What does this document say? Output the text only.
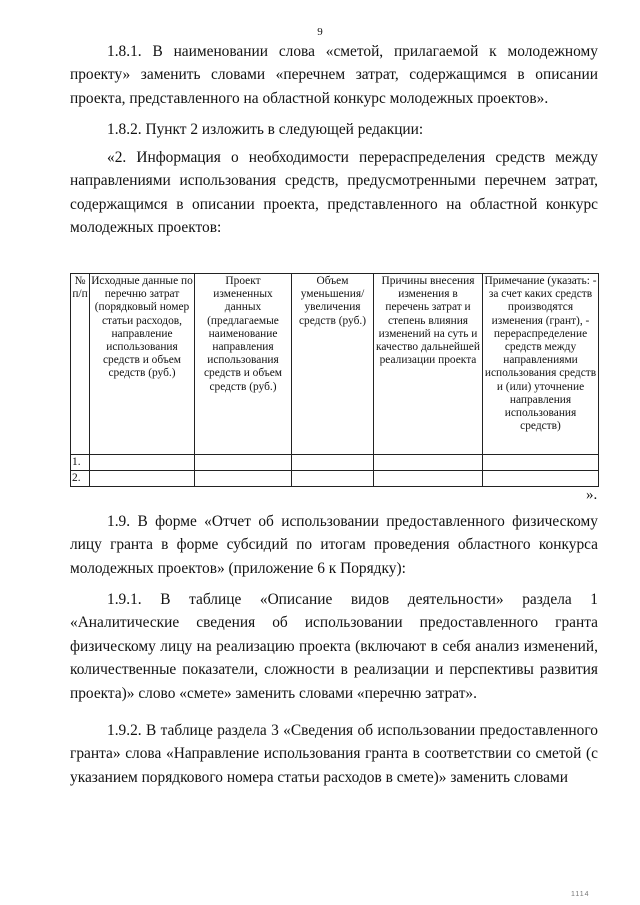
9

1.8.1. В наименовании слова «сметой, прилагаемой к молодежному проекту» заменить словами «перечнем затрат, содержащимся в описании проекта, представленного на областной конкурс молодежных проектов».

1.8.2. Пункт 2 изложить в следующей редакции:

«2. Информация о необходимости перераспределения средств между направлениями использования средств, предусмотренными перечнем затрат, содержащимся в описании проекта, представленного на областной конкурс молодежных проектов:

№ п/п	Исходные данные по перечню затрат (порядковый номер статьи расходов, направление использования средств и объем средств (руб.)	Проект измененных данных (предлагаемые наименование направления использования средств и объем средств (руб.)	Объем уменьшения/ увеличения средств (руб.)	Причины внесения изменения в перечень затрат и степень влияния изменений на суть и качество дальнейшей реализации проекта	Примечание (указать: - за счет каких средств производятся изменения (грант), - перераспределение средств между направлениями использования средств и (или) уточнение направления использования средств)
1.					
2.					
».

1.9. В форме «Отчет об использовании предоставленного физическому лицу гранта в форме субсидий по итогам проведения областного конкурса молодежных проектов» (приложение 6 к Порядку):

1.9.1. В таблице «Описание видов деятельности» раздела 1 «Аналитические сведения об использовании предоставленного гранта физическому лицу на реализацию проекта (включают в себя анализ изменений, количественные показатели, сложности в реализации и перспективы развития проекта)» слово «смете» заменить словами «перечню затрат».

1.9.2. В таблице раздела 3 «Сведения об использовании предоставленного гранта» слова «Направление использования гранта в соответствии со сметой (с указанием порядкового номера статьи расходов в смете)» заменить словами

1114
